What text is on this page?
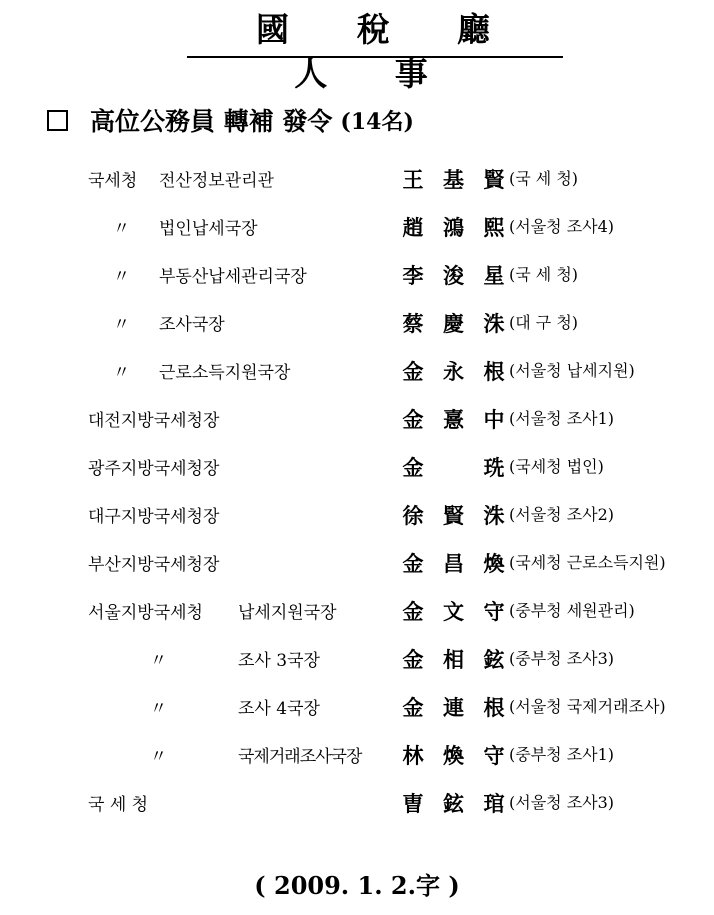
國 稅 廳 人 事
高位公務員 轉補 發令 (14名)
국세청 전산정보관리관	王 基 賢 (국 세 청)
〃 법인납세국장	趙 鴻 熙 (서울청 조사4)
〃 부동산납세관리국장	李 浚 星 (국 세 청)
〃 조사국장	蔡 慶 洙 (대 구 청)
〃 근로소득지원국장	金 永 根 (서울청 납세지원)
대전지방국세청장	金 憙 中 (서울청 조사1)
광주지방국세청장	金	珗 (국세청 법인)
대구지방국세청장	徐 賢 洙 (서울청 조사2)
부산지방국세청장	金 昌 煥 (국세청 근로소득지원)
서울지방국세청 납세지원국장	金 文 守 (중부청 세원관리)
〃	조사 3국장	金 相 鉉 (중부청 조사3)
〃	조사 4국장	金 連 根 (서울청 국제거래조사)
〃	국제거래조사국장 林 煥 守 (중부청 조사1)
국 세 청	曺 鉉 琯 (서울청 조사3)
( 2009. 1. 2.字 )
